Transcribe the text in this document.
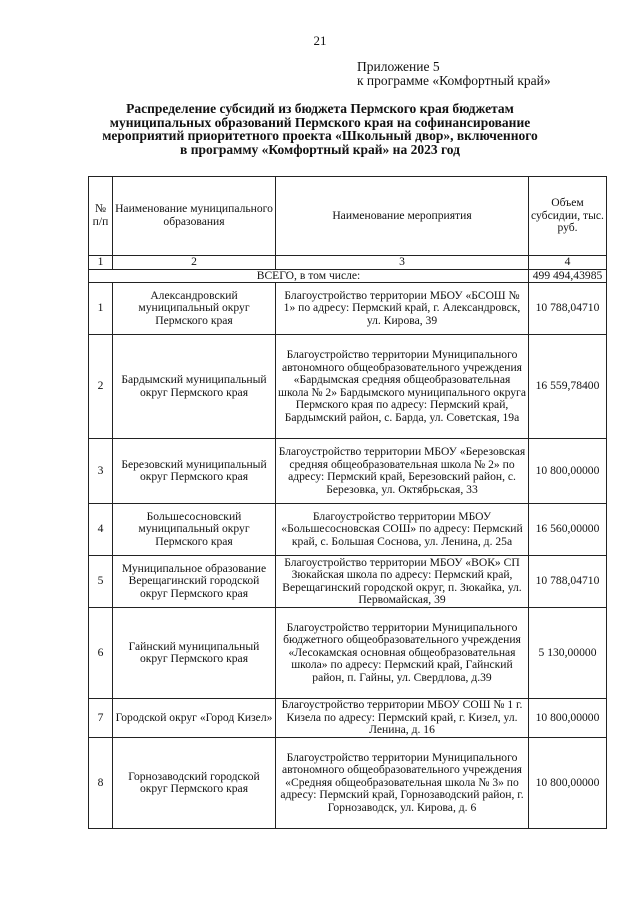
21
Приложение 5
к программе «Комфортный край»
Распределение субсидий из бюджета Пермского края бюджетам
муниципальных образований Пермского края на софинансирование
мероприятий приоритетного проекта «Школьный двор», включенного
в программу «Комфортный край» на 2023 год
№ п/п	Наименование муниципального образования	Наименование мероприятия	Объем субсидии, тыс. руб.
1	2	3	4
ВСЕГО, в том числе:			499 494,43985
1	Александровский муниципальный округ Пермского края	Благоустройство территории МБОУ «БСОШ № 1» по адресу: Пермский край, г. Александровск, ул. Кирова, 39	10 788,04710
2	Бардымский муниципальный округ Пермского края	Благоустройство территории Муниципального автономного общеобразовательного учреждения «Бардымская средняя общеобразовательная школа № 2» Бардымского муниципального округа Пермского края по адресу: Пермский край, Бардымский район, с. Барда, ул. Советская, 19а	16 559,78400
3	Березовский муниципальный округ Пермского края	Благоустройство территории МБОУ «Березовская средняя общеобразовательная школа № 2» по адресу: Пермский край, Березовский район, с. Березовка, ул. Октябрьская, 33	10 800,00000
4	Большесосновский муниципальный округ Пермского края	Благоустройство территории МБОУ «Большесосновская СОШ» по адресу: Пермский край, с. Большая Соснова, ул. Ленина, д. 25а	16 560,00000
5	Муниципальное образование Верещагинский городской округ Пермского края	Благоустройство территории МБОУ «ВОК» СП Зюкайская школа по адресу: Пермский край, Верещагинский городской округ, п. Зюкайка, ул. Первомайская, 39	10 788,04710
6	Гайнский муниципальный округ Пермского края	Благоустройство территории Муниципального бюджетного общеобразовательного учреждения «Лесокамская основная общеобразовательная школа» по адресу: Пермский край, Гайнский район, п. Гайны, ул. Свердлова, д.39	5 130,00000
7	Городской округ «Город Кизел»	Благоустройство территории МБОУ СОШ № 1 г. Кизела по адресу: Пермский край, г. Кизел, ул. Ленина, д. 16	10 800,00000
8	Горнозаводский городской округ Пермского края	Благоустройство территории Муниципального автономного общеобразовательного учреждения «Средняя общеобразовательная школа № 3» по адресу: Пермский край, Горнозаводский район, г. Горнозаводск, ул. Кирова, д. 6	10 800,00000
